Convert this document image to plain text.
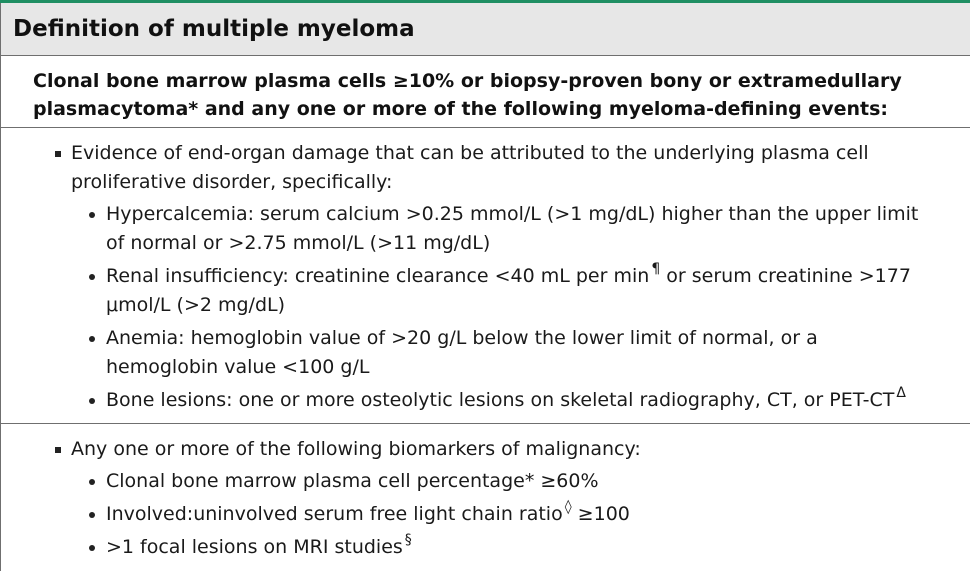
Definition of multiple myeloma
Clonal bone marrow plasma cells ≥10% or biopsy-proven bony or extramedullary plasmacytoma* and any one or more of the following myeloma-defining events:
Evidence of end-organ damage that can be attributed to the underlying plasma cell proliferative disorder, specifically:
Hypercalcemia: serum calcium >0.25 mmol/L (>1 mg/dL) higher than the upper limit of normal or >2.75 mmol/L (>11 mg/dL)
Renal insufficiency: creatinine clearance <40 mL per min ¶ or serum creatinine >177 μmol/L (>2 mg/dL)
Anemia: hemoglobin value of >20 g/L below the lower limit of normal, or a hemoglobin value <100 g/L
Bone lesions: one or more osteolytic lesions on skeletal radiography, CT, or PET-CT $^\Delta$
Any one or more of the following biomarkers of malignancy:
Clonal bone marrow plasma cell percentage* ≥60%
Involved:uninvolved serum free light chain ratio ◊ ≥100
>1 focal lesions on MRI studies §
